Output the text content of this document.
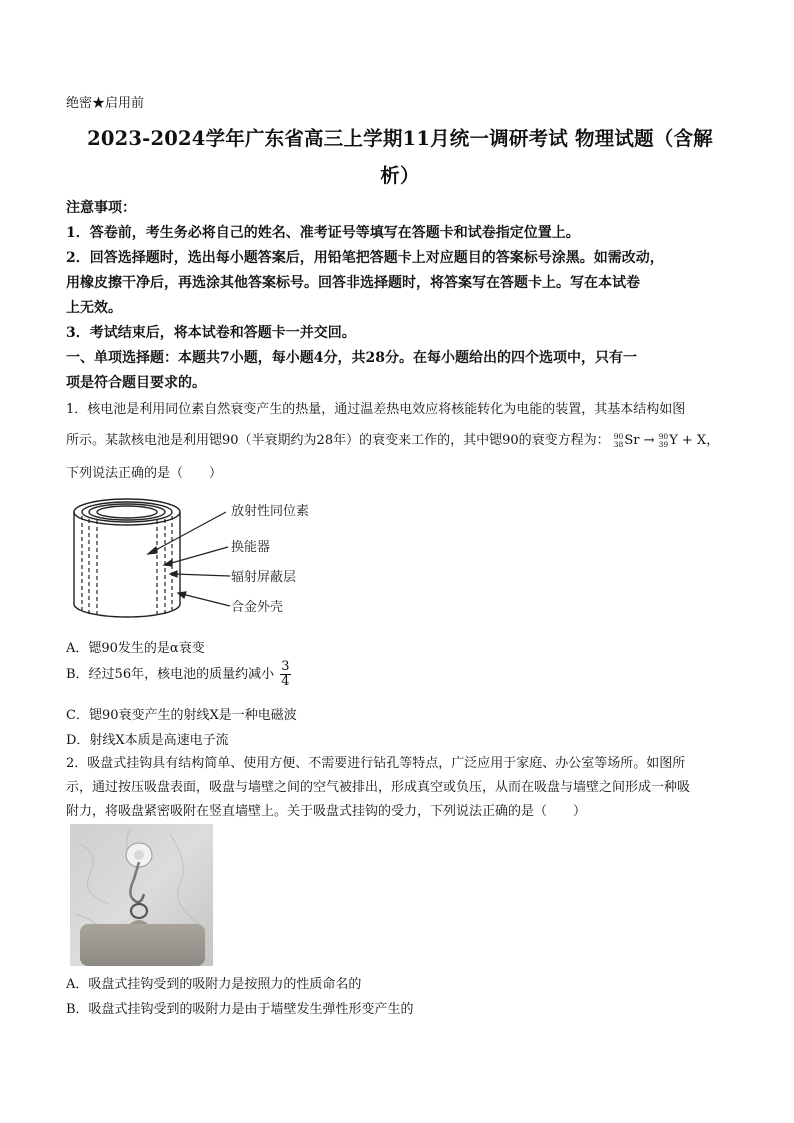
绝密★启用前
2023-2024学年广东省高三上学期11月统一调研考试 物理试题（含解
析）
注意事项：
1．答卷前，考生务必将自己的姓名、准考证号等填写在答题卡和试卷指定位置上。
2．回答选择题时，选出每小题答案后，用铅笔把答题卡上对应题目的答案标号涂黑。如需改动，
用橡皮擦干净后，再选涂其他答案标号。回答非选择题时，将答案写在答题卡上。写在本试卷
上无效。
3．考试结束后，将本试卷和答题卡一并交回。
一、单项选择题：本题共7小题，每小题4分，共28分。在每小题给出的四个选项中，只有一
项是符合题目要求的。
1．核电池是利用同位素自然衰变产生的热量，通过温差热电效应将核能转化为电能的装置，其基本结构如图
所示。某款核电池是利用锶90（半衰期约为28年）的衰变来工作的，其中锶90的衰变方程为： 90
38 Sr → 90
39 Y + X，
下列说法正确的是（　　）
放射性同位素
换能器
辐射屏蔽层
合金外壳
A．锶90发生的是α衰变
B．经过56年，核电池的质量约减小 $\frac{3}{4}$
C．锶90衰变产生的射线X是一种电磁波
D．射线X本质是高速电子流
2．吸盘式挂钩具有结构简单、使用方便、不需要进行钻孔等特点，广泛应用于家庭、办公室等场所。如图所
示，通过按压吸盘表面，吸盘与墙壁之间的空气被排出，形成真空或负压，从而在吸盘与墙壁之间形成一种吸
附力，将吸盘紧密吸附在竖直墙壁上。关于吸盘式挂钩的受力，下列说法正确的是（　　）
A．吸盘式挂钩受到的吸附力是按照力的性质命名的
B．吸盘式挂钩受到的吸附力是由于墙壁发生弹性形变产生的
